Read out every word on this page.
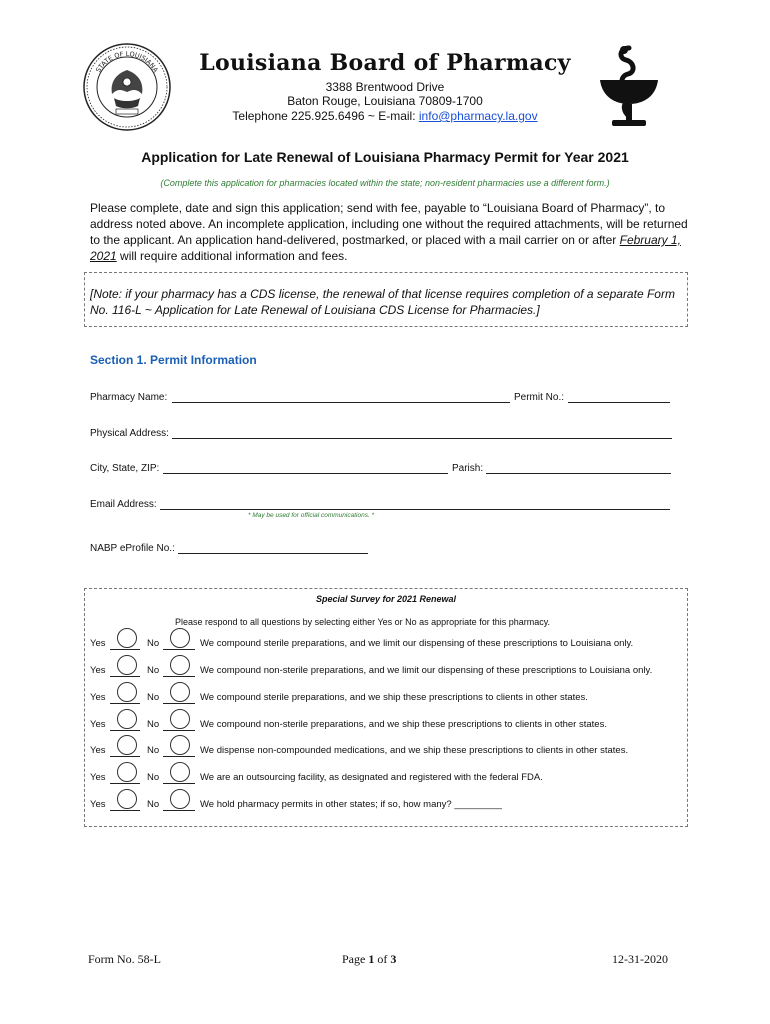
STATE OF LOUISIANA	Louisiana Board of Pharmacy
3388 Brentwood Drive
Baton Rouge, Louisiana 70809-1700
Telephone 225.925.6496 ~ E-mail: info@pharmacy.la.gov
Application for Late Renewal of Louisiana Pharmacy Permit for Year 2021
(Complete this application for pharmacies located within the state; non-resident pharmacies use a different form.)
Please complete, date and sign this application; send with fee, payable to “Louisiana Board of Pharmacy”, to address noted above. An incomplete application, including one without the required attachments, will be returned to the applicant. An application hand-delivered, postmarked, or placed with a mail carrier on or after February 1, 2021 will require additional information and fees.
[Note: if your pharmacy has a CDS license, the renewal of that license requires completion of a separate Form No. 116-L ~ Application for Late Renewal of Louisiana CDS License for Pharmacies.]
Section 1. Permit Information
Pharmacy Name:	Permit No.:
Physical Address:
City, State, ZIP:	Parish:
Email Address:
* May be used for official communications. *
NABP eProfile No.:
Special Survey for 2021 Renewal
Please respond to all questions by selecting either Yes or No as appropriate for this pharmacy.
Yes	No	We compound sterile preparations, and we limit our dispensing of these prescriptions to Louisiana only.
Yes	No	We compound non-sterile preparations, and we limit our dispensing of these prescriptions to Louisiana only.
Yes	No	We compound sterile preparations, and we ship these prescriptions to clients in other states.
Yes	No	We compound non-sterile preparations, and we ship these prescriptions to clients in other states.
Yes	No	We dispense non-compounded medications, and we ship these prescriptions to clients in other states.
Yes	No	We are an outsourcing facility, as designated and registered with the federal FDA.
Yes	No	We hold pharmacy permits in other states; if so, how many? _________
Form No. 58-L	Page 1 of 3	12-31-2020
